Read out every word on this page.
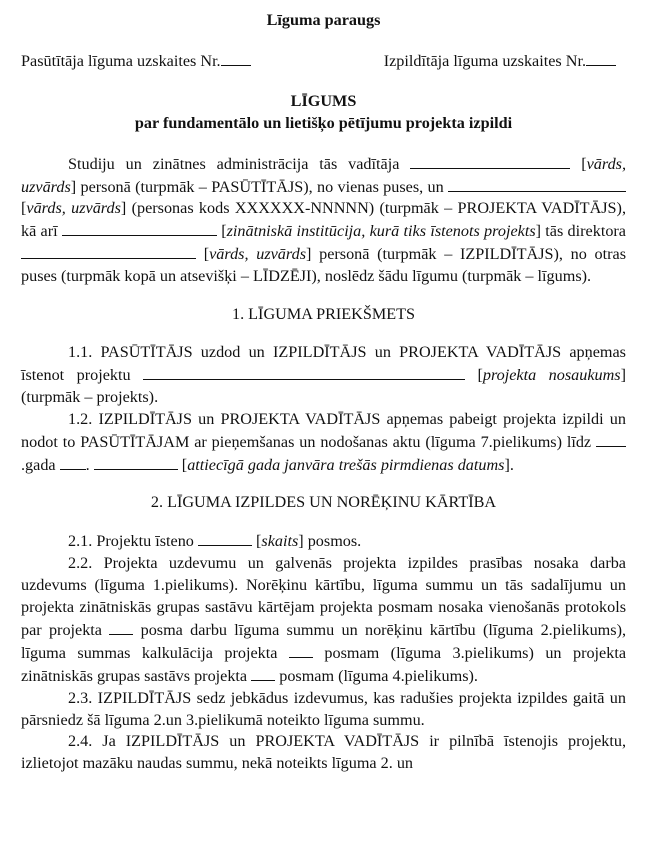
Līguma paraugs
Pasūtītāja līguma uzskaites Nr.	Izpildītāja līguma uzskaites Nr.
LĪGUMS
par fundamentālo un lietišķo pētījumu projekta izpildi

Studiju un zinātnes administrācija tās vadītāja	[vārds, uzvārds] personā (turpmāk – PASŪTĪTĀJS), no vienas puses, un  [vārds, uzvārds] (personas kods XXXXXX-NNNNN) (turpmāk – PROJEKTA VADĪTĀJS), kā arī	[zinātniskā institūcija, kurā tiks īstenots projekts] tās direktora  [vārds, uzvārds] personā (turpmāk – IZPILDĪTĀJS), no otras puses (turpmāk kopā un atsevišķi – LĪDZĒJI), noslēdz šādu līgumu (turpmāk – līgums).

1. LĪGUMA PRIEKŠMETS

1.1. PASŪTĪTĀJS uzdod un IZPILDĪTĀJS un PROJEKTA VADĪTĀJS apņemas īstenot projektu	[projekta nosaukums] (turpmāk – projekts).

1.2. IZPILDĪTĀJS un PROJEKTA VADĪTĀJS apņemas pabeigt projekta izpildi un nodot to PASŪTĪTĀJAM ar pieņemšanas un nodošanas aktu (līguma 7.pielikums) līdz .gada .	[attiecīgā gada janvāra trešās pirmdienas datums].

2. LĪGUMA IZPILDES UN NORĒĶINU KĀRTĪBA

2.1. Projektu īsteno	[skaits] posmos.

2.2. Projekta uzdevumu un galvenās projekta izpildes prasības nosaka darba uzdevums (līguma 1.pielikums). Norēķinu kārtību, līguma summu un tās sadalījumu un projekta zinātniskās grupas sastāvu kārtējam projekta posmam nosaka vienošanās protokols par projekta posma darbu līguma summu un norēķinu kārtību (līguma 2.pielikums), līguma summas kalkulācija projekta	posmam (līguma 3.pielikums) un projekta zinātniskās grupas sastāvs projekta posmam (līguma 4.pielikums).

2.3. IZPILDĪTĀJS sedz jebkādus izdevumus, kas radušies projekta izpildes gaitā un pārsniedz šā līguma 2.un 3.pielikumā noteikto līguma summu.

2.4. Ja IZPILDĪTĀJS un PROJEKTA VADĪTĀJS ir pilnībā īstenojis projektu, izlietojot mazāku naudas summu, nekā noteikts līguma 2. un
